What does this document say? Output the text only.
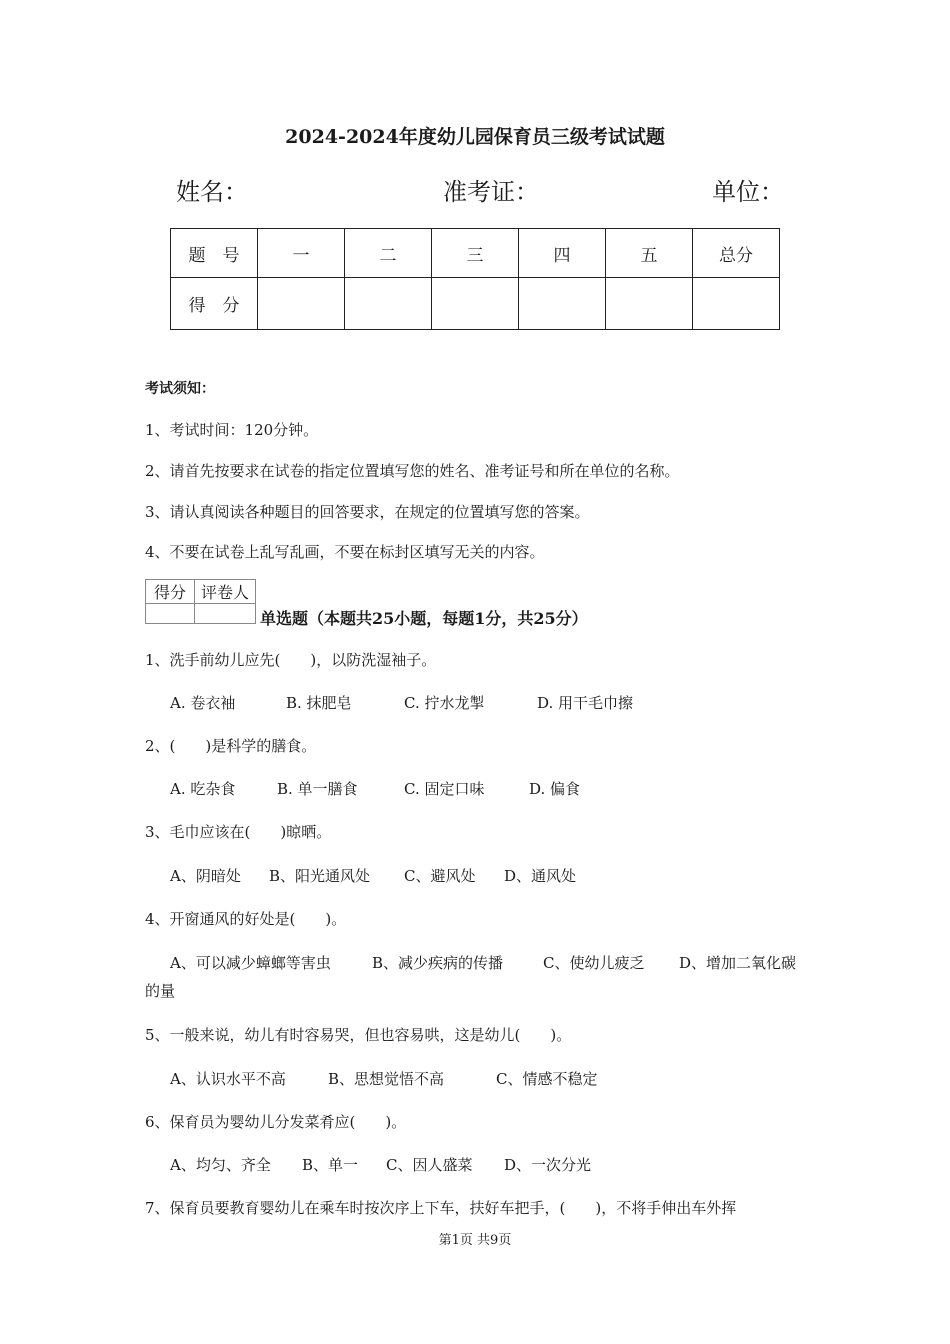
2024-2024年度幼儿园保育员三级考试试题
姓名：	准考证：	单位：
题　号	一	二	三	四	五	总分
得　分						
考试须知：
1、考试时间：120分钟。
2、请首先按要求在试卷的指定位置填写您的姓名、准考证号和所在单位的名称。
3、请认真阅读各种题目的回答要求，在规定的位置填写您的答案。
4、不要在试卷上乱写乱画，不要在标封区填写无关的内容。
得分	评卷人

单选题（本题共25小题，每题1分，共25分）
1、洗手前幼儿应先(　　)，以防洗湿袖子。
A. 卷衣袖	B. 抹肥皂	C. 拧水龙掣	D. 用干毛巾擦
2、(　　)是科学的膳食。
A. 吃杂食	B. 单一膳食	C. 固定口味	D. 偏食
3、毛巾应该在(　　)晾晒。
A、阴暗处 B、阳光通风处 C、避风处 D、通风处
4、开窗通风的好处是(　　)。
A、可以减少蟑螂等害虫	B、减少疾病的传播	C、使幼儿疲乏 D、增加二氧化碳
的量
5、一般来说，幼儿有时容易哭，但也容易哄，这是幼儿(　　)。
A、认识水平不高	B、思想觉悟不高	C、情感不稳定
6、保育员为婴幼儿分发菜肴应(　　)。
A、均匀、齐全 B、单一 C、因人盛菜 D、一次分光
7、保育员要教育婴幼儿在乘车时按次序上下车，扶好车把手，(　　)，不将手伸出车外挥
第1页 共9页
